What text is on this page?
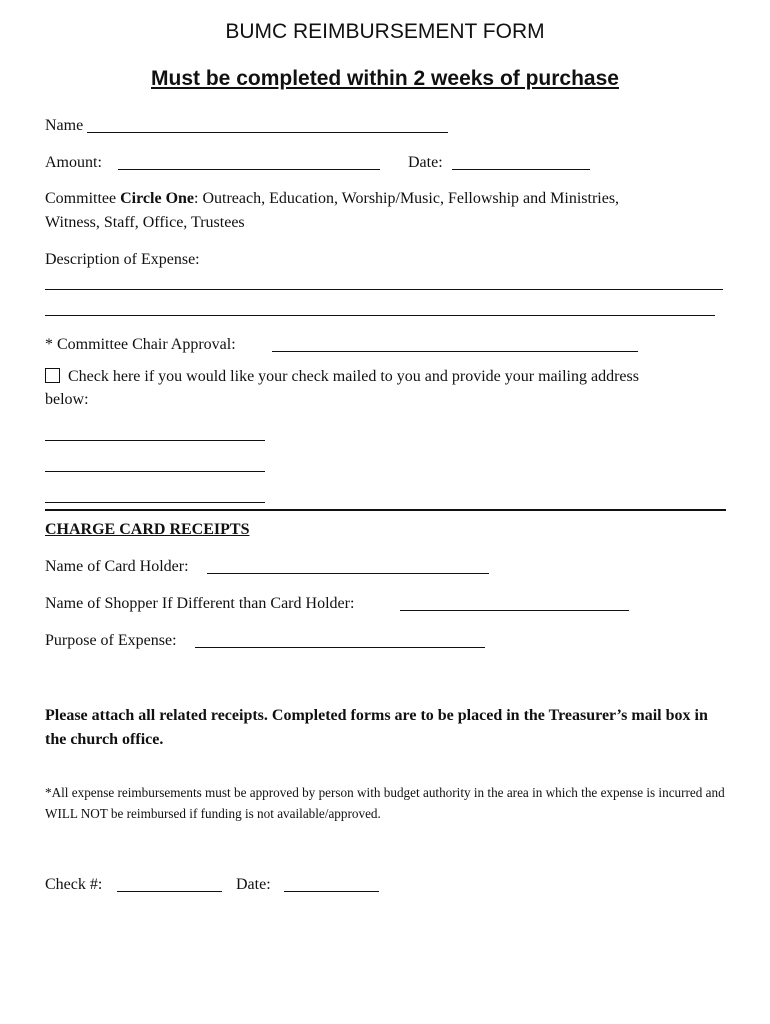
BUMC REIMBURSEMENT FORM
Must be completed within 2 weeks of purchase
Name
Amount:	Date:
Committee Circle One: Outreach, Education, Worship/Music, Fellowship and Ministries,
Witness, Staff, Office, Trustees
Description of Expense:
* Committee Chair Approval:
Check here if you would like your check mailed to you and provide your mailing address
below:
CHARGE CARD RECEIPTS
Name of Card Holder:
Name of Shopper If Different than Card Holder:
Purpose of Expense:
Please attach all related receipts. Completed forms are to be placed in the Treasurer’s mail box in the church office.
*All expense reimbursements must be approved by person with budget authority in the area in which the expense is incurred and WILL NOT be reimbursed if funding is not available/approved.
Check #:	Date:
